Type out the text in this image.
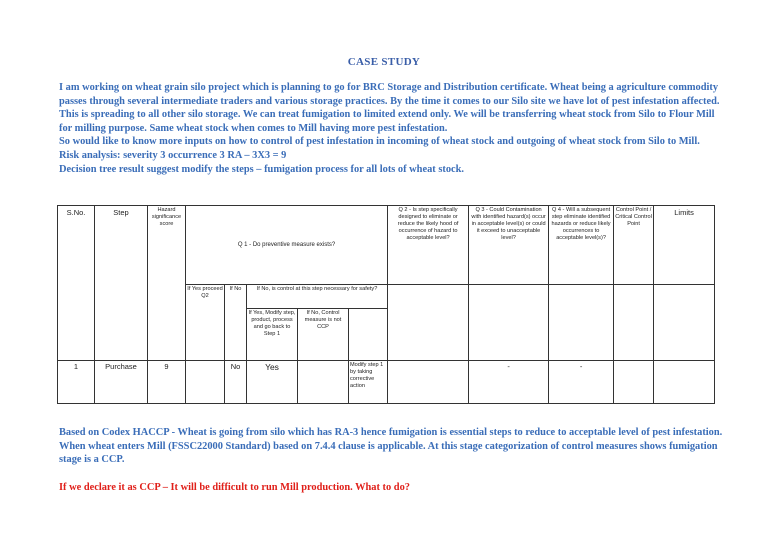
CASE STUDY

I am working on wheat grain silo project which is planning to go for BRC Storage and Distribution certificate. Wheat being a agriculture commodity passes through several intermediate traders and various storage practices. By the time it comes to our Silo site we have lot of pest infestation affected. This is spreading to all other silo storage. We can treat fumigation to limited extend only. We will be transferring wheat stock from Silo to Flour Mill for milling purpose. Same wheat stock when comes to Mill having more pest infestation.

So would like to know more inputs on how to control of pest infestation in incoming of wheat stock and outgoing of wheat stock from Silo to Mill.

Risk analysis: severity 3 occurrence 3 RA – 3X3 = 9

Decision tree result suggest modify the steps – fumigation process for all lots of wheat stock.

S.No.	Step	Hazard significance score	Q 1 - Do preventive measure exists?					Q 2 - Is step specifically designed to eliminate or reduce the likely hood of occurrence of hazard to acceptable level?	Q 3 - Could Contamination with identified hazard(s) occur in acceptable level(s) or could it exceed to unacceptable level?	Q 4 - Will a subsequent step eliminate identified hazards or reduce likely occurrences to acceptable level(s)?	Control Point / Critical Control Point	Limits
			If Yes proceed Q2	If No	If No, is control at this step necessary for safety?							
					If Yes, Modify step, product, process and go back to Step 1	If No, Control measure is not CCP						
1	Purchase	9		No	Yes		Modify step 1 by taking corrective action		-	-		
Based on Codex HACCP - Wheat is going from silo which has RA-3 hence fumigation is essential steps to reduce to acceptable level of pest infestation. When wheat enters Mill (FSSC22000 Standard) based on 7.4.4 clause is applicable. At this stage categorization of control measures shows fumigation stage is a CCP.
If we declare it as CCP – It will be difficult to run Mill production. What to do?
